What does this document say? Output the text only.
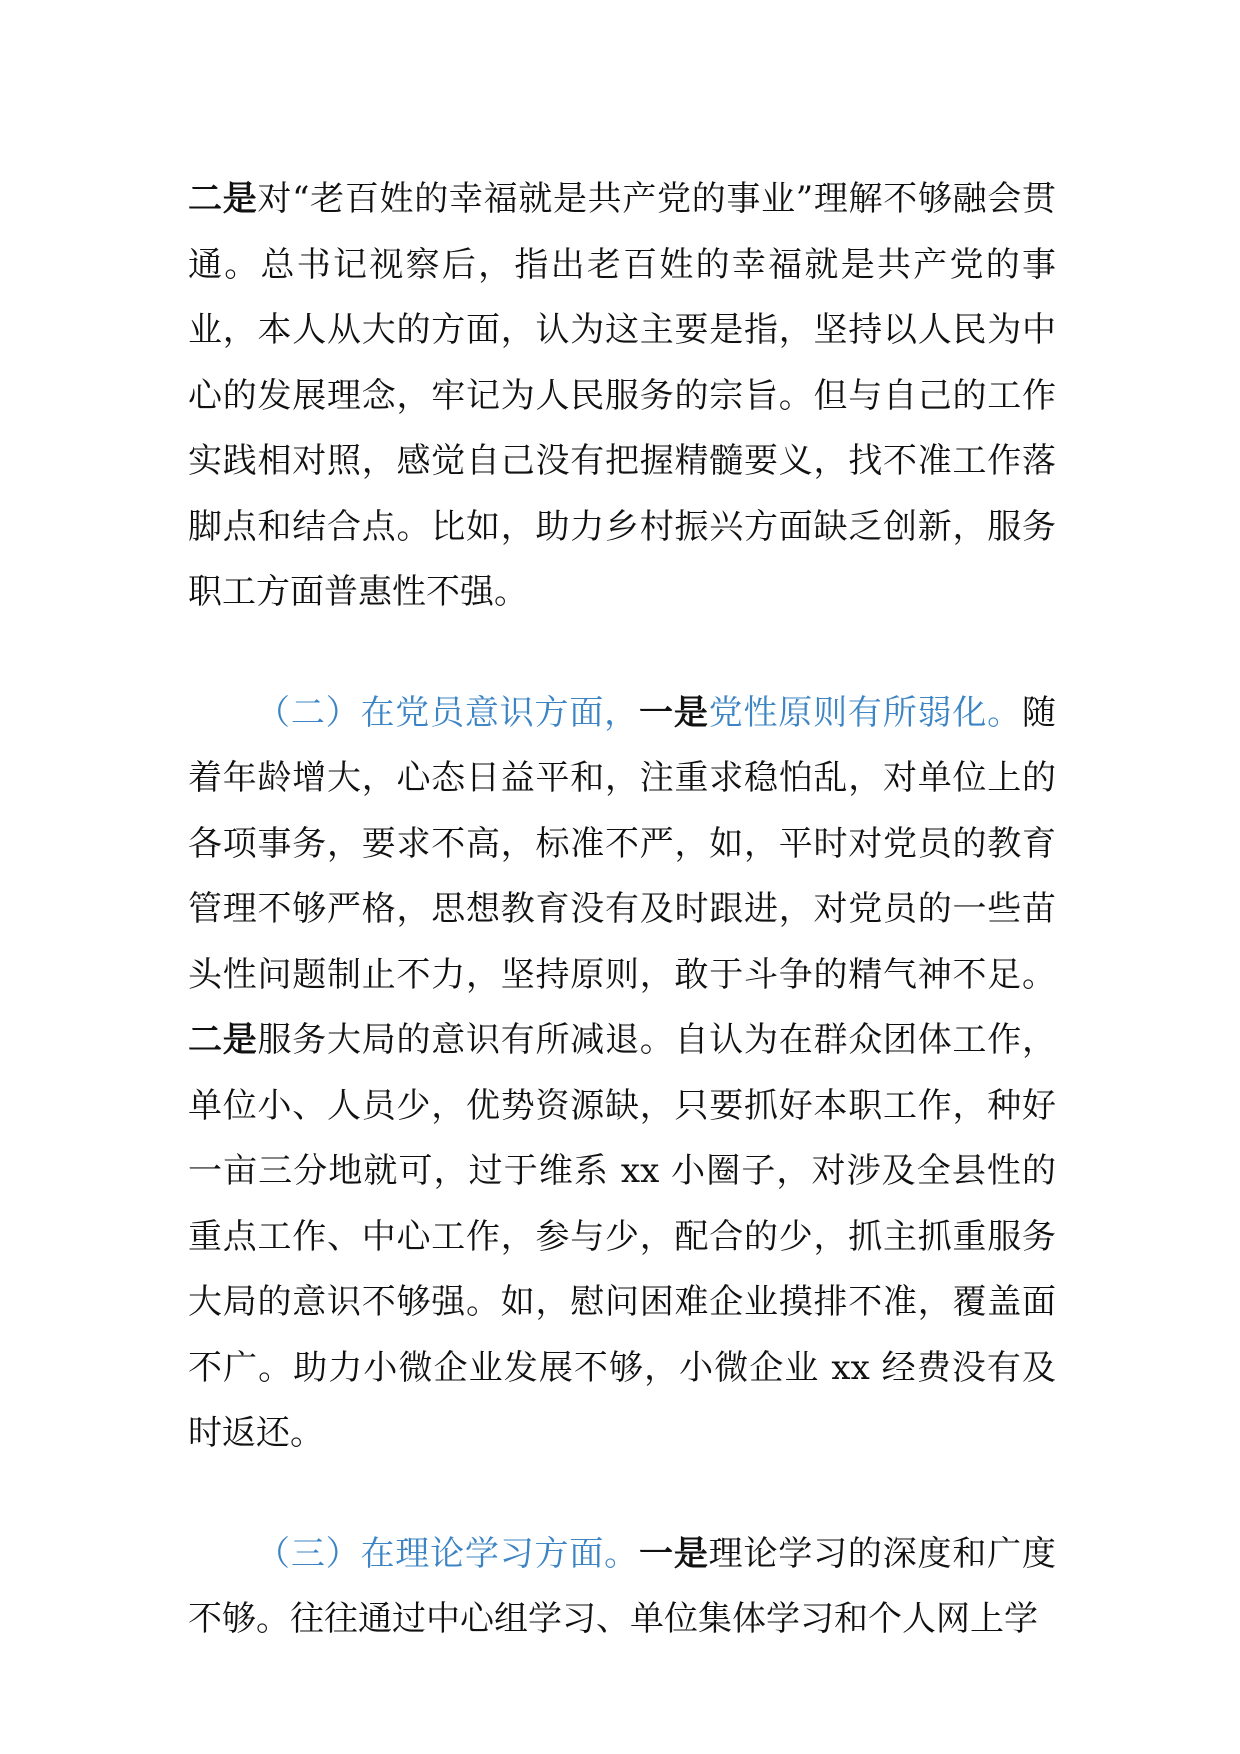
二是对“老百姓的幸福就是共产党的事业”理解不够融会贯通。总书记视察后，指出老百姓的幸福就是共产党的事业，本人从大的方面，认为这主要是指，坚持以人民为中心的发展理念，牢记为人民服务的宗旨。但与自己的工作实践相对照，感觉自己没有把握精髓要义，找不准工作落脚点和结合点。比如，助力乡村振兴方面缺乏创新，服务职工方面普惠性不强。

（二）在党员意识方面，一是党性原则有所弱化。随着年龄增大，心态日益平和，注重求稳怕乱，对单位上的各项事务，要求不高，标准不严，如，平时对党员的教育管理不够严格，思想教育没有及时跟进，对党员的一些苗头性问题制止不力，坚持原则，敢于斗争的精气神不足。二是服务大局的意识有所减退。自认为在群众团体工作，单位小、人员少，优势资源缺，只要抓好本职工作，种好一亩三分地就可，过于维系 xx 小圈子，对涉及全县性的重点工作、中心工作，参与少，配合的少，抓主抓重服务大局的意识不够强。如，慰问困难企业摸排不准，覆盖面不广。助力小微企业发展不够，小微企业 xx 经费没有及时返还。

（三）在理论学习方面。一是理论学习的深度和广度不够。往往通过中心组学习、单位集体学习和个人网上学
